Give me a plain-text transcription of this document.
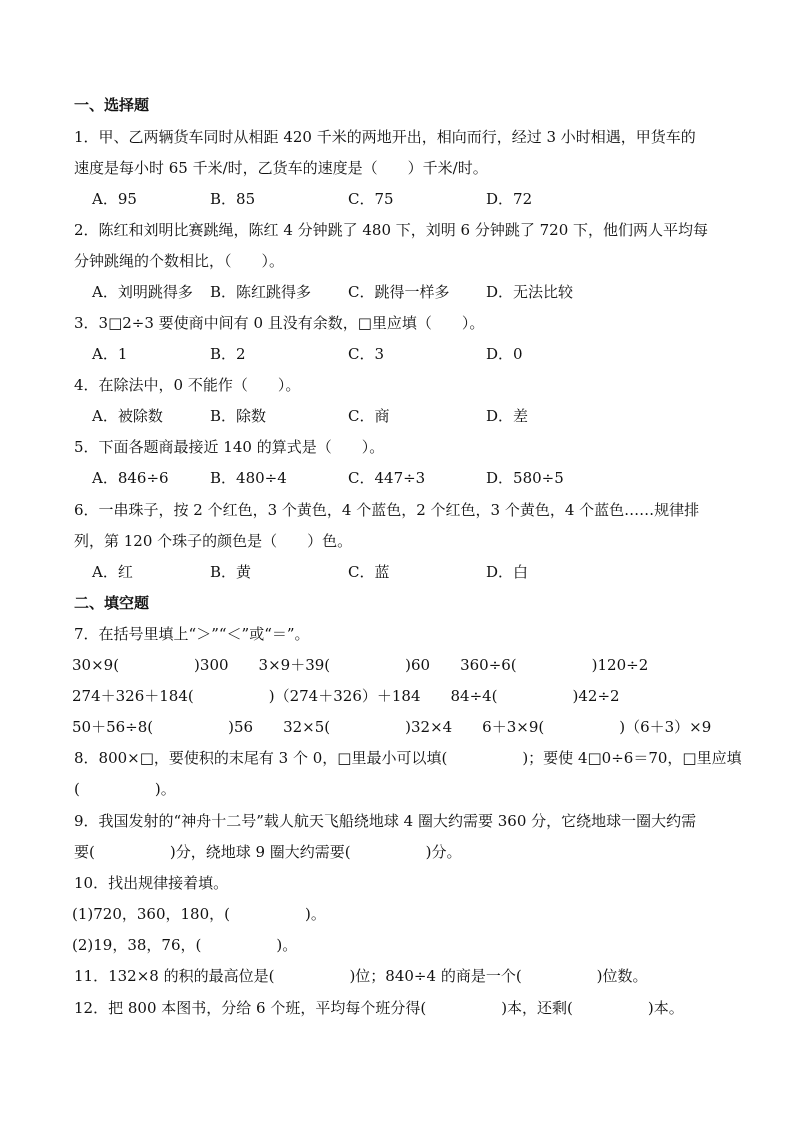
一、选择题
1．甲、乙两辆货车同时从相距 420 千米的两地开出，相向而行，经过 3 小时相遇，甲货车的
速度是每小时 65 千米/时，乙货车的速度是（　　）千米/时。
A．95	B．85	C．75	D．72
2．陈红和刘明比赛跳绳，陈红 4 分钟跳了 480 下，刘明 6 分钟跳了 720 下，他们两人平均每
分钟跳绳的个数相比，（　　）。
A．刘明跳得多 B．陈红跳得多 C．跳得一样多 D．无法比较
3．3□2÷3 要使商中间有 0 且没有余数，□里应填（　　）。
A．1	B．2	C．3	D．0
4．在除法中，0 不能作（　　）。
A．被除数	B．除数	C．商	D．差
5．下面各题商最接近 140 的算式是（　　）。
A．846÷6	B．480÷4	C．447÷3	D．580÷5
6．一串珠子，按 2 个红色，3 个黄色，4 个蓝色，2 个红色，3 个黄色，4 个蓝色……规律排
列，第 120 个珠子的颜色是（　　）色。
A．红	B．黄	C．蓝	D．白
二、填空题
7．在括号里填上“＞”“＜”或“＝”。
30×9(　　　　　)300　　3×9＋39(　　　　　)60　　360÷6(　　　　　)120÷2
274＋326＋184(　　　　　)（274＋326）＋184　　84÷4(　　　　　)42÷2
50＋56÷8(　　　　　)56　　32×5(　　　　　)32×4　　6＋3×9(　　　　　)（6＋3）×9
8．800×□，要使积的末尾有 3 个 0，□里最小可以填(　　　　　)；要使 4□0÷6＝70，□里应填
(　　　　　)。
9．我国发射的“神舟十二号”载人航天飞船绕地球 4 圈大约需要 360 分，它绕地球一圈大约需
要(　　　　　)分，绕地球 9 圈大约需要(　　　　　)分。
10．找出规律接着填。
(1)720，360，180，(　　　　　)。
(2)19，38，76，(　　　　　)。
11．132×8 的积的最高位是(　　　　　)位；840÷4 的商是一个(　　　　　)位数。
12．把 800 本图书，分给 6 个班，平均每个班分得(　　　　　)本，还剩(　　　　　)本。
